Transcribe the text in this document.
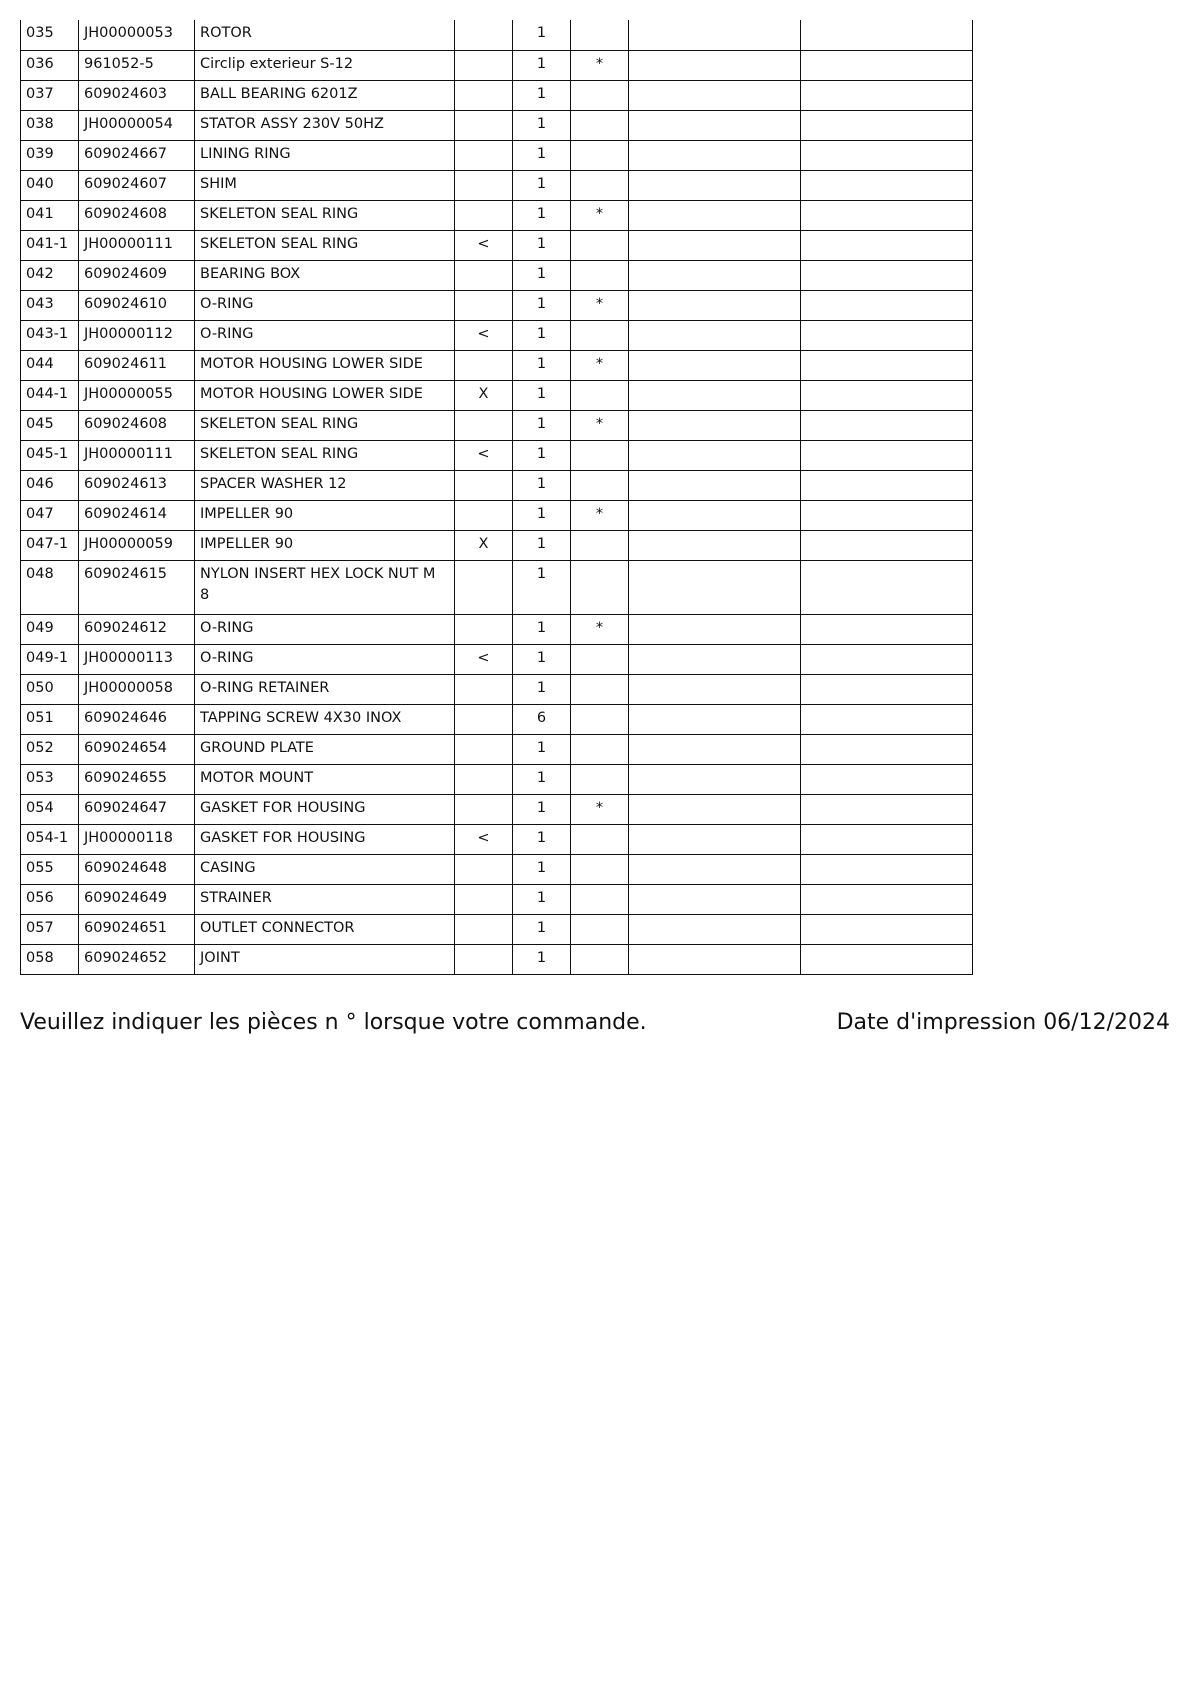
035	JH00000053	ROTOR		1			
036	961052-5	Circlip exterieur S-12		1	*		
037	609024603	BALL BEARING 6201Z		1			
038	JH00000054	STATOR ASSY 230V 50HZ		1			
039	609024667	LINING RING		1			
040	609024607	SHIM		1			
041	609024608	SKELETON SEAL RING		1	*		
041-1	JH00000111	SKELETON SEAL RING	<	1			
042	609024609	BEARING BOX		1			
043	609024610	O-RING		1	*		
043-1	JH00000112	O-RING	<	1			
044	609024611	MOTOR HOUSING LOWER SIDE		1	*		
044-1	JH00000055	MOTOR HOUSING LOWER SIDE	X	1			
045	609024608	SKELETON SEAL RING		1	*		
045-1	JH00000111	SKELETON SEAL RING	<	1			
046	609024613	SPACER WASHER 12		1			
047	609024614	IMPELLER 90		1	*		
047-1	JH00000059	IMPELLER 90	X	1			
048	609024615	NYLON INSERT HEX LOCK NUT M 8		1			
049	609024612	O-RING		1	*		
049-1	JH00000113	O-RING	<	1			
050	JH00000058	O-RING RETAINER		1			
051	609024646	TAPPING SCREW 4X30 INOX		6			
052	609024654	GROUND PLATE		1			
053	609024655	MOTOR MOUNT		1			
054	609024647	GASKET FOR HOUSING		1	*		
054-1	JH00000118	GASKET FOR HOUSING	<	1			
055	609024648	CASING		1			
056	609024649	STRAINER		1			
057	609024651	OUTLET CONNECTOR		1			
058	609024652	JOINT		1			
Veuillez indiquer les pièces n ° lorsque votre commande.	Date d'impression 06/12/2024
